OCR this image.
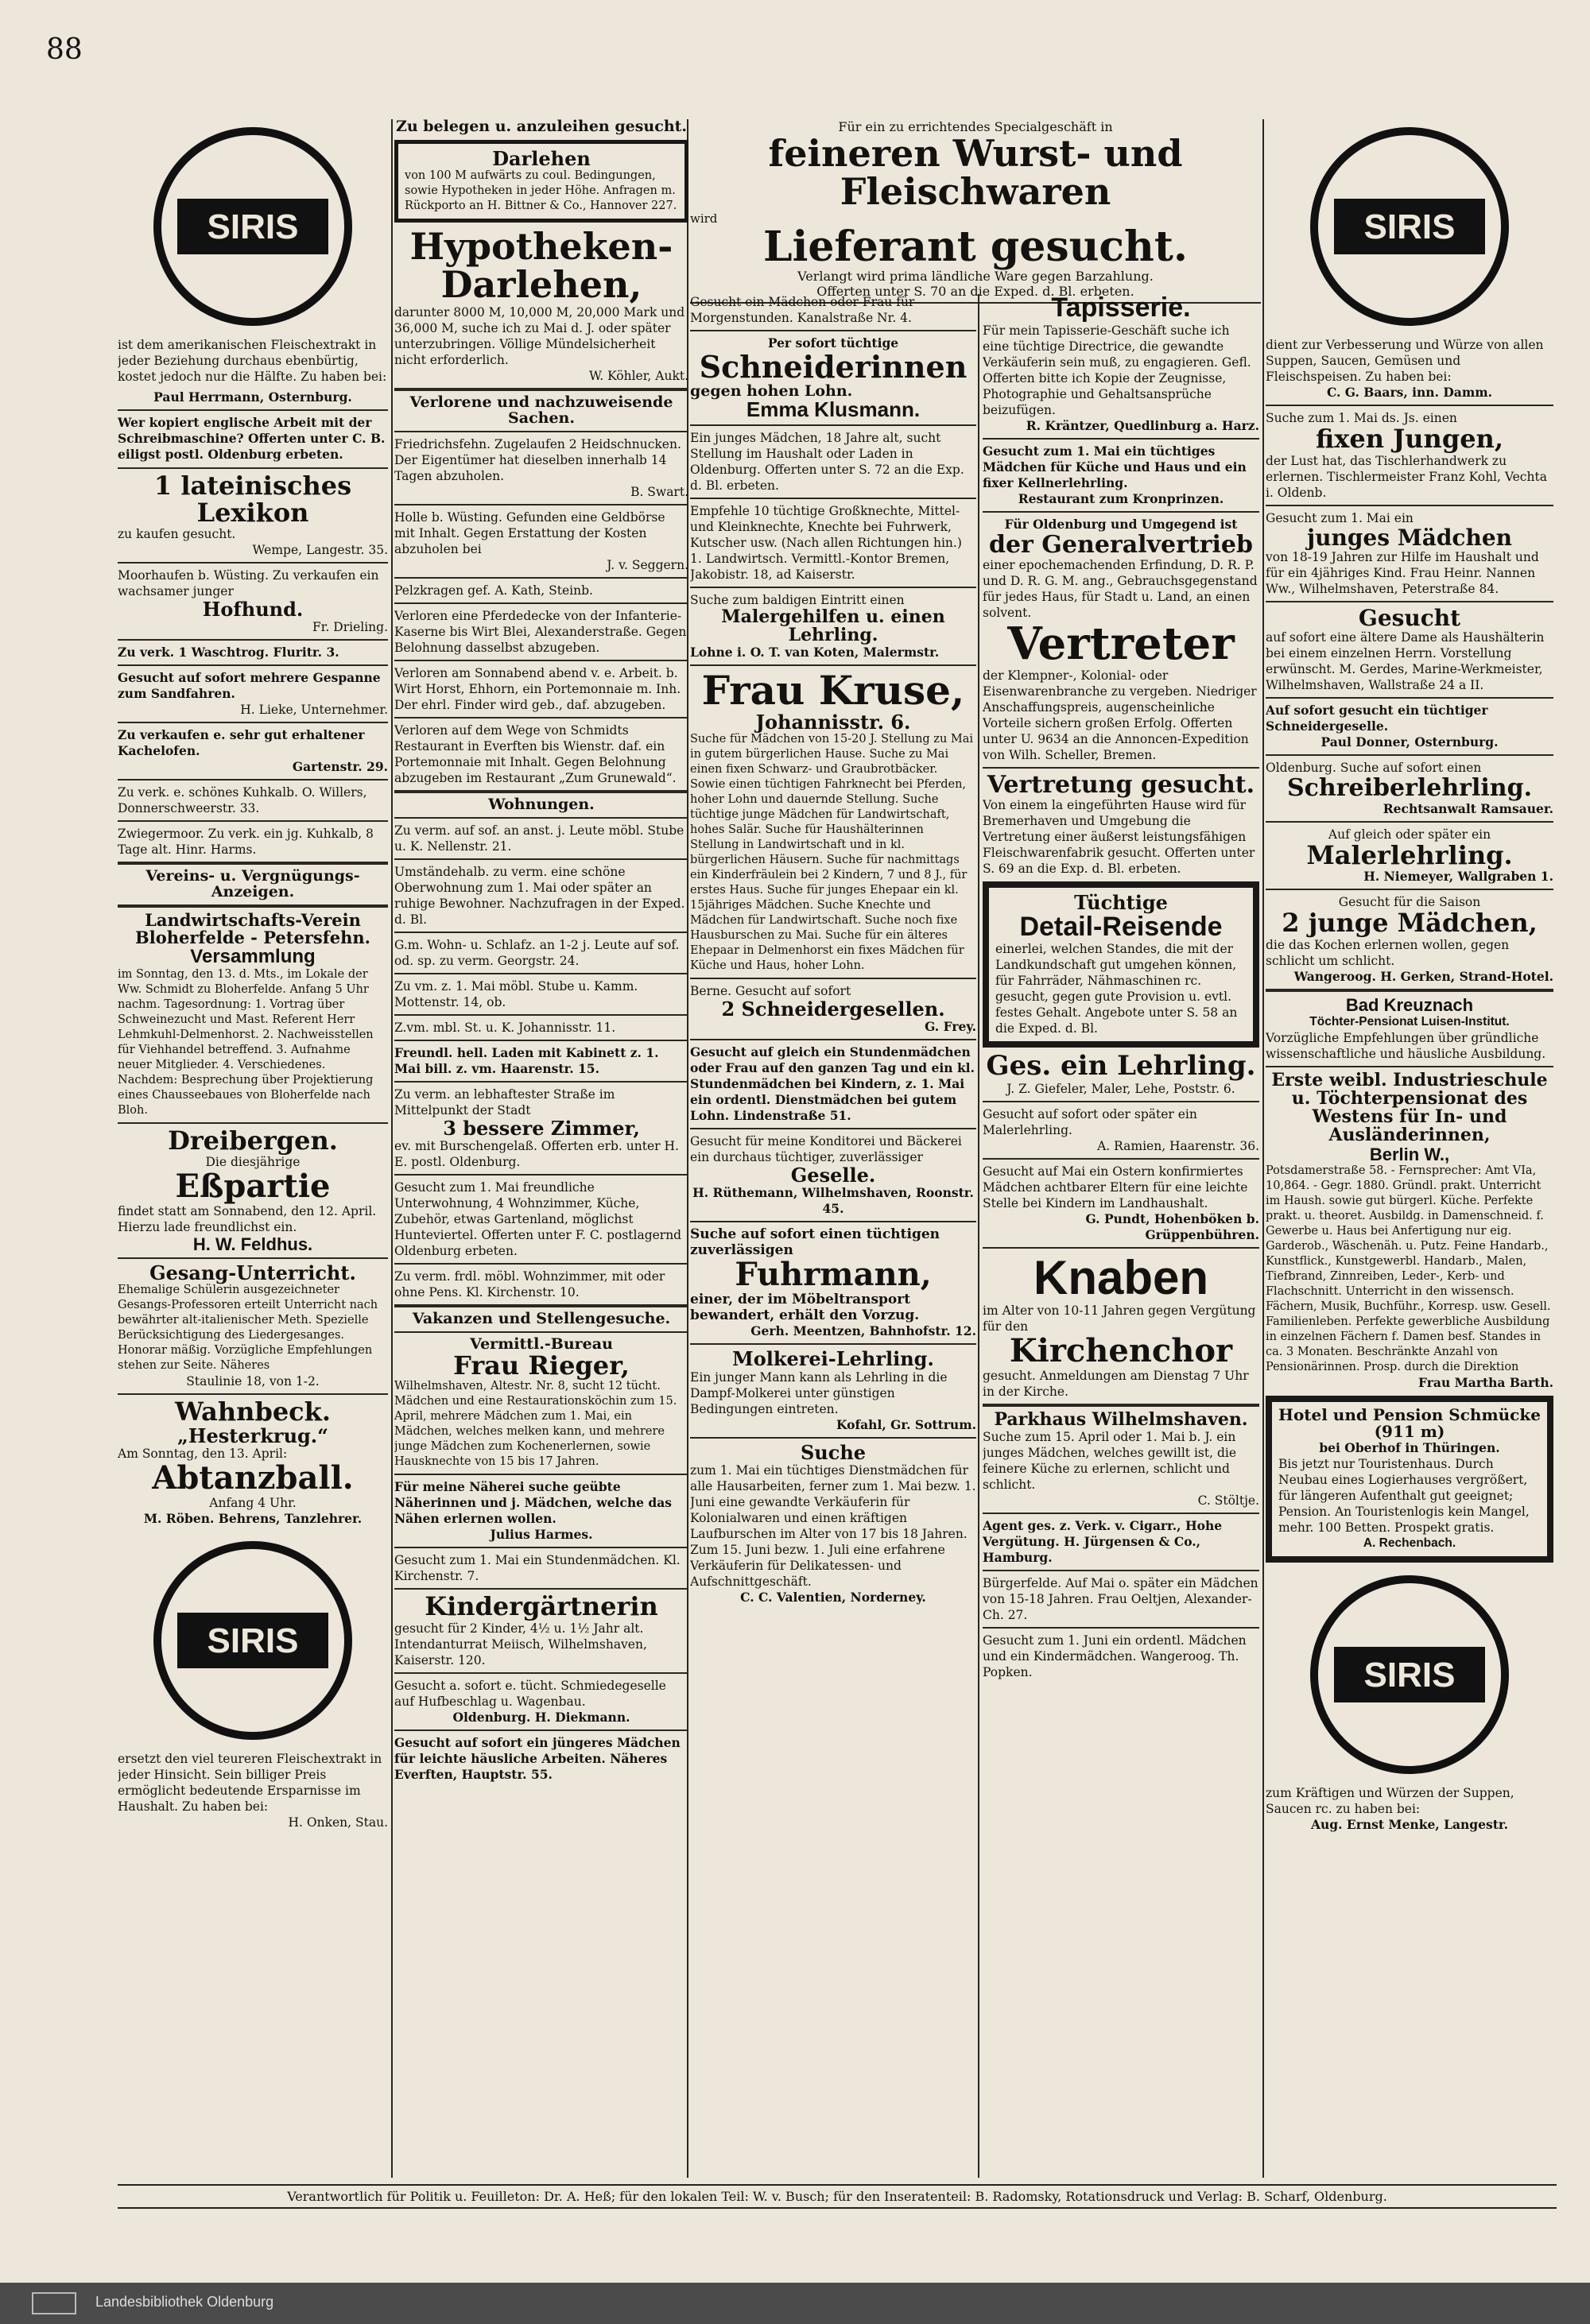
88
Für ein zu errichtendes Specialgeschäft in
feineren Wurst- und Fleischwaren
wird
Lieferant gesucht.
Verlangt wird prima ländliche Ware gegen Barzahlung.
Offerten unter S. 70 an die Exped. d. Bl. erbeten.
SIRIS
ist dem amerikanischen Fleischextrakt in jeder Beziehung durchaus ebenbürtig, kostet jedoch nur die Hälfte. Zu haben bei:
Paul Herrmann, Osternburg.
Wer kopiert englische Arbeit mit der Schreibmaschine? Offerten unter C. B. eiligst postl. Oldenburg erbeten.
1 lateinisches Lexikon
zu kaufen gesucht.
Wempe, Langestr. 35.
Moorhaufen b. Wüsting. Zu verkaufen ein wachsamer junger
Hofhund.
Fr. Drieling.
Zu verk. 1 Waschtrog. Fluritr. 3.
Gesucht auf sofort mehrere Gespanne zum Sandfahren.
H. Lieke, Unternehmer.
Zu verkaufen e. sehr gut erhaltener Kachelofen.
Gartenstr. 29.
Zu verk. e. schönes Kuhkalb. O. Willers, Donnerschweerstr. 33.
Zwiegermoor. Zu verk. ein jg. Kuhkalb, 8 Tage alt. Hinr. Harms.
Vereins- u. Vergnügungs-Anzeigen.
Landwirtschafts-Verein Bloherfelde - Petersfehn.
Versammlung
im Sonntag, den 13. d. Mts., im Lokale der Ww. Schmidt zu Bloherfelde. Anfang 5 Uhr nachm. Tagesordnung: 1. Vortrag über Schweinezucht und Mast. Referent Herr Lehmkuhl-Delmenhorst. 2. Nachweisstellen für Viehhandel betreffend. 3. Aufnahme neuer Mitglieder. 4. Verschiedenes. Nachdem: Besprechung über Projektierung eines Chausseebaues von Bloherfelde nach Bloh.
Dreibergen.
Die diesjährige
Eßpartie
findet statt am Sonnabend, den 12. April. Hierzu lade freundlichst ein.
H. W. Feldhus.
Gesang-Unterricht.
Ehemalige Schülerin ausgezeichneter Gesangs-Professoren erteilt Unterricht nach bewährter alt-italienischer Meth. Spezielle Berücksichtigung des Liedergesanges. Honorar mäßig. Vorzügliche Empfehlungen stehen zur Seite. Näheres
Staulinie 18, von 1-2.
Wahnbeck.
„Hesterkrug.“
Am Sonntag, den 13. April:
Abtanzball.
Anfang 4 Uhr.
M. Röben. Behrens, Tanzlehrer.
SIRIS
ersetzt den viel teureren Fleischextrakt in jeder Hinsicht. Sein billiger Preis ermöglicht bedeutende Ersparnisse im Haushalt. Zu haben bei:
H. Onken, Stau.
Zu belegen u. anzuleihen gesucht.
Darlehen
von 100 M aufwärts zu coul. Bedingungen, sowie Hypotheken in jeder Höhe. Anfragen m. Rückporto an H. Bittner & Co., Hannover 227.
Hypotheken-Darlehen,
darunter 8000 M, 10,000 M, 20,000 Mark und 36,000 M, suche ich zu Mai d. J. oder später unterzubringen. Völlige Mündelsicherheit nicht erforderlich.
W. Köhler, Aukt.
Verlorene und nachzuweisende Sachen.
Friedrichsfehn. Zugelaufen 2 Heidschnucken. Der Eigentümer hat dieselben innerhalb 14 Tagen abzuholen.
B. Swart.
Holle b. Wüsting. Gefunden eine Geldbörse mit Inhalt. Gegen Erstattung der Kosten abzuholen bei
J. v. Seggern.
Pelzkragen gef. A. Kath, Steinb.
Verloren eine Pferdedecke von der Infanterie-Kaserne bis Wirt Blei, Alexanderstraße. Gegen Belohnung dasselbst abzugeben.
Verloren am Sonnabend abend v. e. Arbeit. b. Wirt Horst, Ehhorn, ein Portemonnaie m. Inh. Der ehrl. Finder wird geb., daf. abzugeben.
Verloren auf dem Wege von Schmidts Restaurant in Everften bis Wienstr. daf. ein Portemonnaie mit Inhalt. Gegen Belohnung abzugeben im Restaurant „Zum Grunewald“.
Wohnungen.
Zu verm. auf sof. an anst. j. Leute möbl. Stube u. K. Nellenstr. 21.
Umständehalb. zu verm. eine schöne Oberwohnung zum 1. Mai oder später an ruhige Bewohner. Nachzufragen in der Exped. d. Bl.
G.m. Wohn- u. Schlafz. an 1-2 j. Leute auf sof. od. sp. zu verm. Georgstr. 24.
Zu vm. z. 1. Mai möbl. Stube u. Kamm. Mottenstr. 14, ob.
Z.vm. mbl. St. u. K. Johannisstr. 11.
Freundl. hell. Laden mit Kabinett z. 1. Mai bill. z. vm. Haarenstr. 15.
Zu verm. an lebhaftester Straße im Mittelpunkt der Stadt
3 bessere Zimmer,
ev. mit Burschengelaß. Offerten erb. unter H. E. postl. Oldenburg.
Gesucht zum 1. Mai freundliche Unterwohnung, 4 Wohnzimmer, Küche, Zubehör, etwas Gartenland, möglichst Hunteviertel. Offerten unter F. C. postlagernd Oldenburg erbeten.
Zu verm. frdl. möbl. Wohnzimmer, mit oder ohne Pens. Kl. Kirchenstr. 10.
Vakanzen und Stellengesuche.
Vermittl.-Bureau
Frau Rieger,
Wilhelmshaven, Altestr. Nr. 8, sucht 12 tücht. Mädchen und eine Restaurationsköchin zum 15. April, mehrere Mädchen zum 1. Mai, ein Mädchen, welches melken kann, und mehrere junge Mädchen zum Kochenerlernen, sowie Hausknechte von 15 bis 17 Jahren.
Für meine Näherei suche geübte Näherinnen und j. Mädchen, welche das Nähen erlernen wollen.
Julius Harmes.
Gesucht zum 1. Mai ein Stundenmädchen. Kl. Kirchenstr. 7.
Kindergärtnerin
gesucht für 2 Kinder, 4½ u. 1½ Jahr alt. Intendanturrat Meiisch, Wilhelmshaven, Kaiserstr. 120.
Gesucht a. sofort e. tücht. Schmiedegeselle auf Hufbeschlag u. Wagenbau.
Oldenburg. H. Diekmann.
Gesucht auf sofort ein jüngeres Mädchen für leichte häusliche Arbeiten. Näheres Everften, Hauptstr. 55.
Gesucht ein Mädchen oder Frau für Morgenstunden. Kanalstraße Nr. 4.
Per sofort tüchtige
Schneiderinnen
gegen hohen Lohn.
Emma Klusmann.
Ein junges Mädchen, 18 Jahre alt, sucht Stellung im Haushalt oder Laden in Oldenburg. Offerten unter S. 72 an die Exp. d. Bl. erbeten.
Empfehle 10 tüchtige Großknechte, Mittel- und Kleinknechte, Knechte bei Fuhrwerk, Kutscher usw. (Nach allen Richtungen hin.) 1. Landwirtsch. Vermittl.-Kontor Bremen, Jakobistr. 18, ad Kaiserstr.
Suche zum baldigen Eintritt einen
Malergehilfen u. einen Lehrling.
Lohne i. O. T. van Koten, Malermstr.
Frau Kruse,
Johannisstr. 6.
Suche für Mädchen von 15-20 J. Stellung zu Mai in gutem bürgerlichen Hause. Suche zu Mai einen fixen Schwarz- und Graubrotbäcker. Sowie einen tüchtigen Fahrknecht bei Pferden, hoher Lohn und dauernde Stellung. Suche tüchtige junge Mädchen für Landwirtschaft, hohes Salär. Suche für Haushälterinnen Stellung in Landwirtschaft und in kl. bürgerlichen Häusern. Suche für nachmittags ein Kinderfräulein bei 2 Kindern, 7 und 8 J., für erstes Haus. Suche für junges Ehepaar ein kl. 15jähriges Mädchen. Suche Knechte und Mädchen für Landwirtschaft. Suche noch fixe Hausburschen zu Mai. Suche für ein älteres Ehepaar in Delmenhorst ein fixes Mädchen für Küche und Haus, hoher Lohn.
Berne. Gesucht auf sofort
2 Schneidergesellen.
G. Frey.
Gesucht auf gleich ein Stundenmädchen oder Frau auf den ganzen Tag und ein kl. Stundenmädchen bei Kindern, z. 1. Mai ein ordentl. Dienstmädchen bei gutem Lohn. Lindenstraße 51.
Gesucht für meine Konditorei und Bäckerei ein durchaus tüchtiger, zuverlässiger
Geselle.
H. Rüthemann, Wilhelmshaven, Roonstr. 45.
Suche auf sofort einen tüchtigen zuverlässigen
Fuhrmann,
einer, der im Möbeltransport bewandert, erhält den Vorzug.
Gerh. Meentzen, Bahnhofstr. 12.
Molkerei-Lehrling.
Ein junger Mann kann als Lehrling in die Dampf-Molkerei unter günstigen Bedingungen eintreten.
Kofahl, Gr. Sottrum.
Suche
zum 1. Mai ein tüchtiges Dienstmädchen für alle Hausarbeiten, ferner zum 1. Mai bezw. 1. Juni eine gewandte Verkäuferin für Kolonialwaren und einen kräftigen Laufburschen im Alter von 17 bis 18 Jahren. Zum 15. Juni bezw. 1. Juli eine erfahrene Verkäuferin für Delikatessen- und Aufschnittgeschäft.
C. C. Valentien, Norderney.
Tapisserie.
Für mein Tapisserie-Geschäft suche ich eine tüchtige Directrice, die gewandte Verkäuferin sein muß, zu engagieren. Gefl. Offerten bitte ich Kopie der Zeugnisse, Photographie und Gehaltsansprüche beizufügen.
R. Kräntzer, Quedlinburg a. Harz.
Gesucht zum 1. Mai ein tüchtiges Mädchen für Küche und Haus und ein fixer Kellnerlehrling.
Restaurant zum Kronprinzen.
Für Oldenburg und Umgegend ist
der Generalvertrieb
einer epochemachenden Erfindung, D. R. P. und D. R. G. M. ang., Gebrauchsgegenstand für jedes Haus, für Stadt u. Land, an einen solvent.
Vertreter
der Klempner-, Kolonial- oder Eisenwarenbranche zu vergeben. Niedriger Anschaffungspreis, augenscheinliche Vorteile sichern großen Erfolg. Offerten unter U. 9634 an die Annoncen-Expedition von Wilh. Scheller, Bremen.
Vertretung gesucht.
Von einem la eingeführten Hause wird für Bremerhaven und Umgebung die Vertretung einer äußerst leistungsfähigen Fleischwarenfabrik gesucht. Offerten unter S. 69 an die Exp. d. Bl. erbeten.
Tüchtige
Detail-Reisende
einerlei, welchen Standes, die mit der Landkundschaft gut umgehen können, für Fahrräder, Nähmaschinen rc. gesucht, gegen gute Provision u. evtl. festes Gehalt. Angebote unter S. 58 an die Exped. d. Bl.
Ges. ein Lehrling.
J. Z. Giefeler, Maler, Lehe, Poststr. 6.
Gesucht auf sofort oder später ein Malerlehrling.
A. Ramien, Haarenstr. 36.
Gesucht auf Mai ein Ostern konfirmiertes Mädchen achtbarer Eltern für eine leichte Stelle bei Kindern im Landhaushalt.
G. Pundt, Hohenböken b. Grüppenbühren.
Knaben
im Alter von 10-11 Jahren gegen Vergütung für den
Kirchenchor
gesucht. Anmeldungen am Dienstag 7 Uhr in der Kirche.
Parkhaus Wilhelmshaven.
Suche zum 15. April oder 1. Mai b. J. ein junges Mädchen, welches gewillt ist, die feinere Küche zu erlernen, schlicht und schlicht.
C. Stöltje.
Agent ges. z. Verk. v. Cigarr., Hohe Vergütung. H. Jürgensen & Co., Hamburg.
Bürgerfelde. Auf Mai o. später ein Mädchen von 15-18 Jahren. Frau Oeltjen, Alexander-Ch. 27.
Gesucht zum 1. Juni ein ordentl. Mädchen und ein Kindermädchen. Wangeroog. Th. Popken.
SIRIS
dient zur Verbesserung und Würze von allen Suppen, Saucen, Gemüsen und Fleischspeisen. Zu haben bei:
C. G. Baars, inn. Damm.
Suche zum 1. Mai ds. Js. einen
fixen Jungen,
der Lust hat, das Tischlerhandwerk zu erlernen. Tischlermeister Franz Kohl, Vechta i. Oldenb.
Gesucht zum 1. Mai ein
junges Mädchen
von 18-19 Jahren zur Hilfe im Haushalt und für ein 4jähriges Kind. Frau Heinr. Nannen Ww., Wilhelmshaven, Peterstraße 84.
Gesucht
auf sofort eine ältere Dame als Haushälterin bei einem einzelnen Herrn. Vorstellung erwünscht. M. Gerdes, Marine-Werkmeister, Wilhelmshaven, Wallstraße 24 a II.
Auf sofort gesucht ein tüchtiger Schneidergeselle.
Paul Donner, Osternburg.
Oldenburg. Suche auf sofort einen
Schreiberlehrling.
Rechtsanwalt Ramsauer.
Auf gleich oder später ein
Malerlehrling.
H. Niemeyer, Wallgraben 1.
Gesucht für die Saison
2 junge Mädchen,
die das Kochen erlernen wollen, gegen schlicht um schlicht.
Wangeroog. H. Gerken, Strand-Hotel.
Bad Kreuznach
Töchter-Pensionat Luisen-Institut.
Vorzügliche Empfehlungen über gründliche wissenschaftliche und häusliche Ausbildung.
Erste weibl. Industrieschule u. Töchterpensionat des Westens für In- und Ausländerinnen,
Berlin W.,
Potsdamerstraße 58. - Fernsprecher: Amt VIa, 10,864. - Gegr. 1880. Gründl. prakt. Unterricht im Haush. sowie gut bürgerl. Küche. Perfekte prakt. u. theoret. Ausbildg. in Damenschneid. f. Gewerbe u. Haus bei Anfertigung nur eig. Garderob., Wäschenäh. u. Putz. Feine Handarb., Kunstflick., Kunstgewerbl. Handarb., Malen, Tiefbrand, Zinnreiben, Leder-, Kerb- und Flachschnitt. Unterricht in den wissensch. Fächern, Musik, Buchführ., Korresp. usw. Gesell. Familienleben. Perfekte gewerbliche Ausbildung in einzelnen Fächern f. Damen besf. Standes in ca. 3 Monaten. Beschränkte Anzahl von Pensionärinnen. Prosp. durch die Direktion
Frau Martha Barth.
Hotel und Pension Schmücke (911 m)
bei Oberhof in Thüringen.
Bis jetzt nur Touristenhaus. Durch Neubau eines Logierhauses vergrößert, für längeren Aufenthalt gut geeignet; Pension. An Touristenlogis kein Mangel, mehr. 100 Betten. Prospekt gratis.
A. Rechenbach.
SIRIS
zum Kräftigen und Würzen der Suppen, Saucen rc. zu haben bei:
Aug. Ernst Menke, Langestr.
Verantwortlich für Politik u. Feuilleton: Dr. A. Heß; für den lokalen Teil: W. v. Busch; für den Inseratenteil: B. Radomsky, Rotationsdruck und Verlag: B. Scharf, Oldenburg.
Landesbibliothek Oldenburg
